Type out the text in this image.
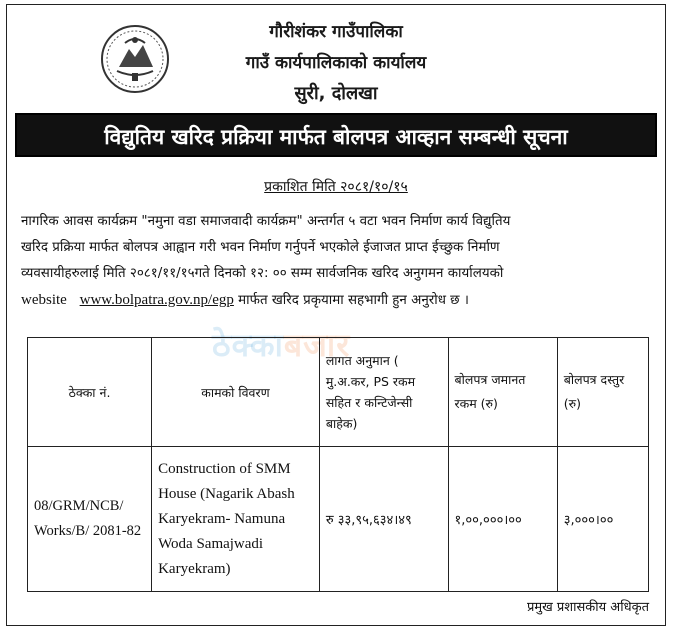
गौरीशंकर गाउँपालिका
गाउँ कार्यपालिकाको कार्यालय
सुरी, दोलखा
विद्युतिय खरिद प्रक्रिया मार्फत बोलपत्र आव्हान सम्बन्धी सूचना
प्रकाशित मिति २०८१/१०/१५
नागरिक आवस कार्यक्रम "नमुना वडा समाजवादी कार्यक्रम" अन्तर्गत ५ वटा भवन निर्माण कार्य विद्युतिय
खरिद प्रक्रिया मार्फत बोलपत्र आह्वान गरी भवन निर्माण गर्नुपर्ने भएकोले ईजाजत प्राप्त ईच्छुक निर्माण
व्यवसायीहरुलाई मिति २०८१/११/१५गते दिनको १२: ०० सम्म सार्वजनिक खरिद अनुगमन कार्यालयको
website www.bolpatra.gov.np/egp मार्फत खरिद प्रकृयामा सहभागी हुन अनुरोध छ ।
ठेक्काबजार
ठेक्का नं.	कामको विवरण	लागत अनुमान ( मु.अ.कर, PS रकम सहित र कन्टिजेन्सी बाहेक)	बोलपत्र जमानत रकम (रु)	बोलपत्र दस्तुर (रु)
08/GRM/NCB/ Works/B/ 2081-82	Construction of SMM House (Nagarik Abash Karyekram- Namuna Woda Samajwadi Karyekram)	रु ३३,९५,६३४।४९	१,००,०००।००	३,०००।००
प्रमुख प्रशासकीय अधिकृत
